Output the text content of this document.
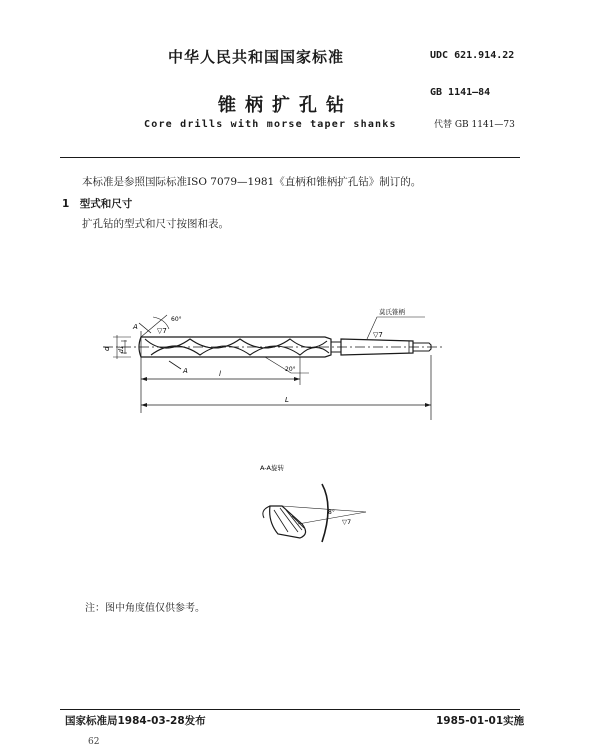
中华人民共和国国家标准
锥柄扩孔钻
Core drills with morse taper shanks
UDC 621.914.22
GB 1141—84
代替 GB 1141—73
本标准是参照国际标准ISO 7079—1981《直柄和锥柄扩孔钻》制订的。
1　型式和尺寸
扩孔钻的型式和尺寸按图和表。
60°
A
A
▽7	▽7
20°
d d1
l
L
莫氏锥柄
A-A旋转
8°
▽7
注：图中角度值仅供参考。
国家标准局1984-03-28发布	1985-01-01实施
62
